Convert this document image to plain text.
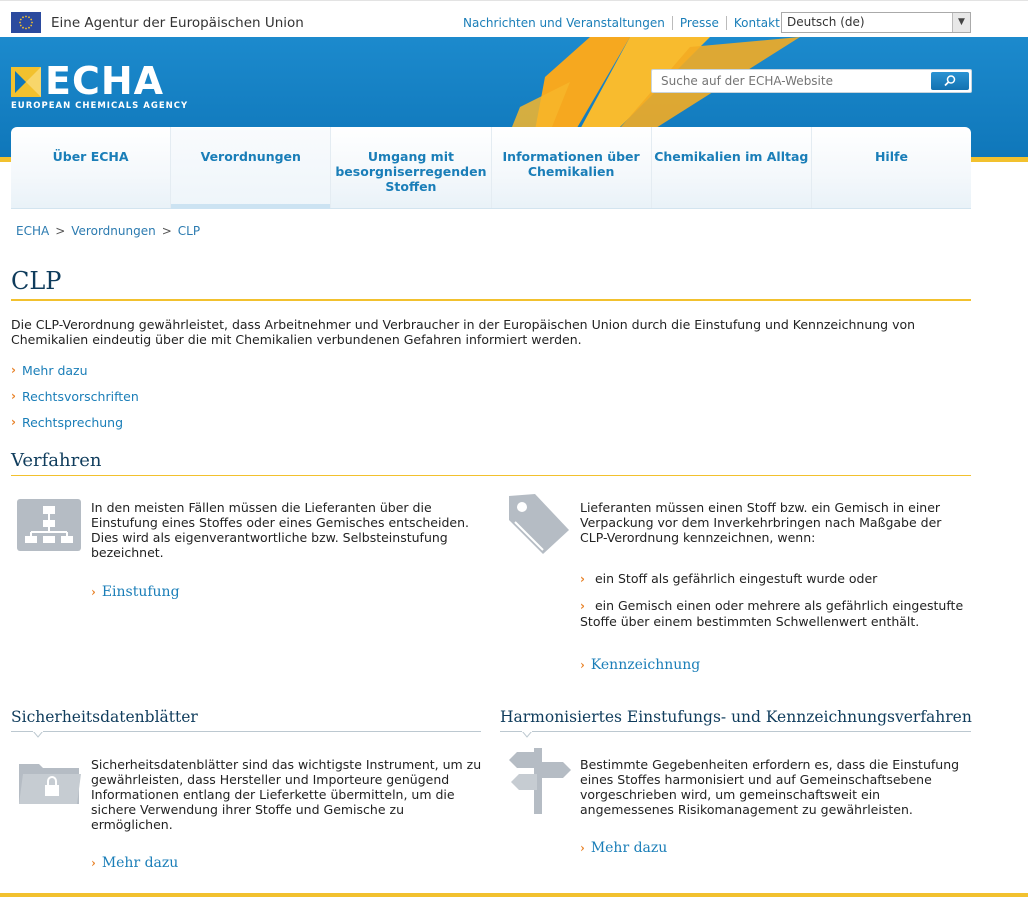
Eine Agentur der Europäischen Union	Nachrichten und Veranstaltungen	Presse	Kontakt Deutsch (de)	▼
ECHA
EUROPEAN CHEMICALS AGENCY
Suche auf der ECHA-Website
Über ECHA	Verordnungen	Umgang mit besorgniserregenden Stoffen
Informationen über Chemikalien
Chemikalien im Alltag	Hilfe
ECHA > Verordnungen > CLP
CLP

Die CLP-Verordnung gewährleistet, dass Arbeitnehmer und Verbraucher in der Europäischen Union durch die Einstufung und Kennzeichnung von Chemikalien eindeutig über die mit Chemikalien verbundenen Gefahren informiert werden.

› Mehr dazu
› Rechtsvorschriften
› Rechtsprechung
Verfahren

In den meisten Fällen müssen die Lieferanten über die Einstufung eines Stoffes oder eines Gemisches entscheiden. Dies wird als eigenverantwortliche bzw. Selbsteinstufung bezeichnet.

› Einstufung

Lieferanten müssen einen Stoff bzw. ein Gemisch in einer Verpackung vor dem Inverkehrbringen nach Maßgabe der CLP-Verordnung kennzeichnen, wenn:

› ein Stoff als gefährlich eingestuft wurde oder

› ein Gemisch einen oder mehrere als gefährlich eingestufte Stoffe über einem bestimmten Schwellenwert enthält.

› Kennzeichnung
Sicherheitsdatenblätter

Sicherheitsdatenblätter sind das wichtigste Instrument, um zu gewährleisten, dass Hersteller und Importeure genügend Informationen entlang der Lieferkette übermitteln, um die sichere Verwendung ihrer Stoffe und Gemische zu ermöglichen.

› Mehr dazu
Harmonisiertes Einstufungs- und Kennzeichnungsverfahren

Bestimmte Gegebenheiten erfordern es, dass die Einstufung eines Stoffes harmonisiert und auf Gemeinschaftsebene vorgeschrieben wird, um gemeinschaftsweit ein angemessenes Risikomanagement zu gewährleisten.

› Mehr dazu
